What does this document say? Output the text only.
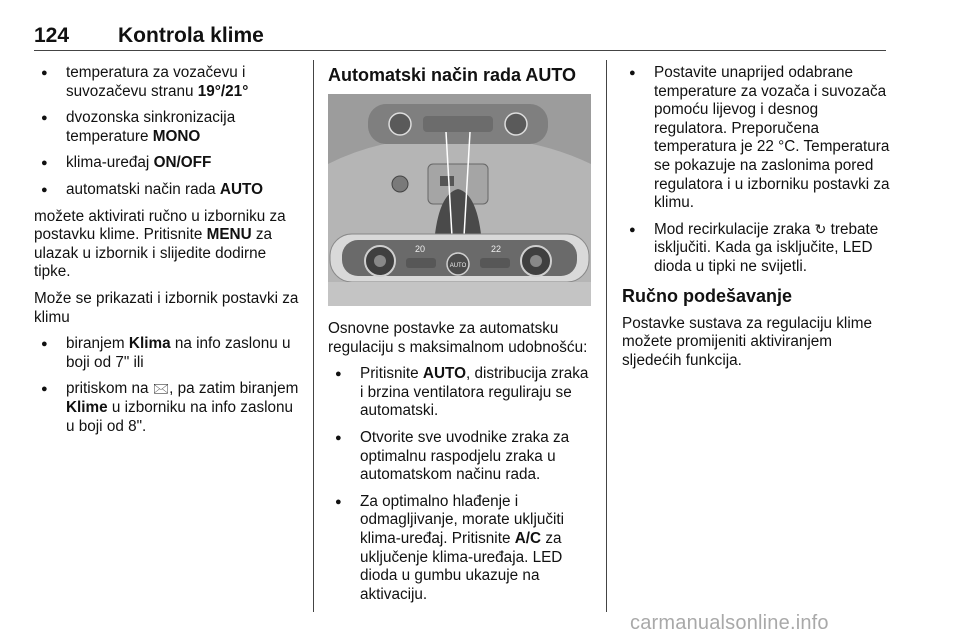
124 Kontrola klime
● temperatura za vozačevu i suvozačevu stranu 19°/21°
● dvozonska sinkronizacija temperature MONO
● klima-uređaj ON/OFF
● automatski način rada AUTO

možete aktivirati ručno u izborniku za postavku klime. Pritisnite MENU za ulazak u izbornik i slijedite dodirne tipke.

Može se prikazati i izbornik postavki za klimu

● biranjem Klima na info zaslonu u boji od 7" ili
● pritiskom na 🖂, pa zatim biranjem Klime u izborniku na info zaslonu u boji od 8".
Automatski način rada AUTO
AUTO
20	22

Osnovne postavke za automatsku regulaciju s maksimalnom udobnošću:

● Pritisnite AUTO, distribucija zraka i brzina ventilatora reguliraju se automatski.
● Otvorite sve uvodnike zraka za optimalnu raspodjelu zraka u automatskom načinu rada.
● Za optimalno hlađenje i odmagljivanje, morate uključiti klima-uređaj. Pritisnite A/C za uključenje klima-uređaja. LED dioda u gumbu ukazuje na aktivaciju.
● Postavite unaprijed odabrane temperature za vozača i suvozača pomoću lijevog i desnog regulatora. Preporučena temperatura je 22 °C. Temperatura se pokazuje na zaslonima pored regulatora i u izborniku postavki za klimu.
● Mod recirkulacije zraka ↻ trebate isključiti. Kada ga isključite, LED dioda u tipki ne svijetli.
Ručno podešavanje

Postavke sustava za regulaciju klime možete promijeniti aktiviranjem sljedećih funkcija.

carmanualsonline.info
